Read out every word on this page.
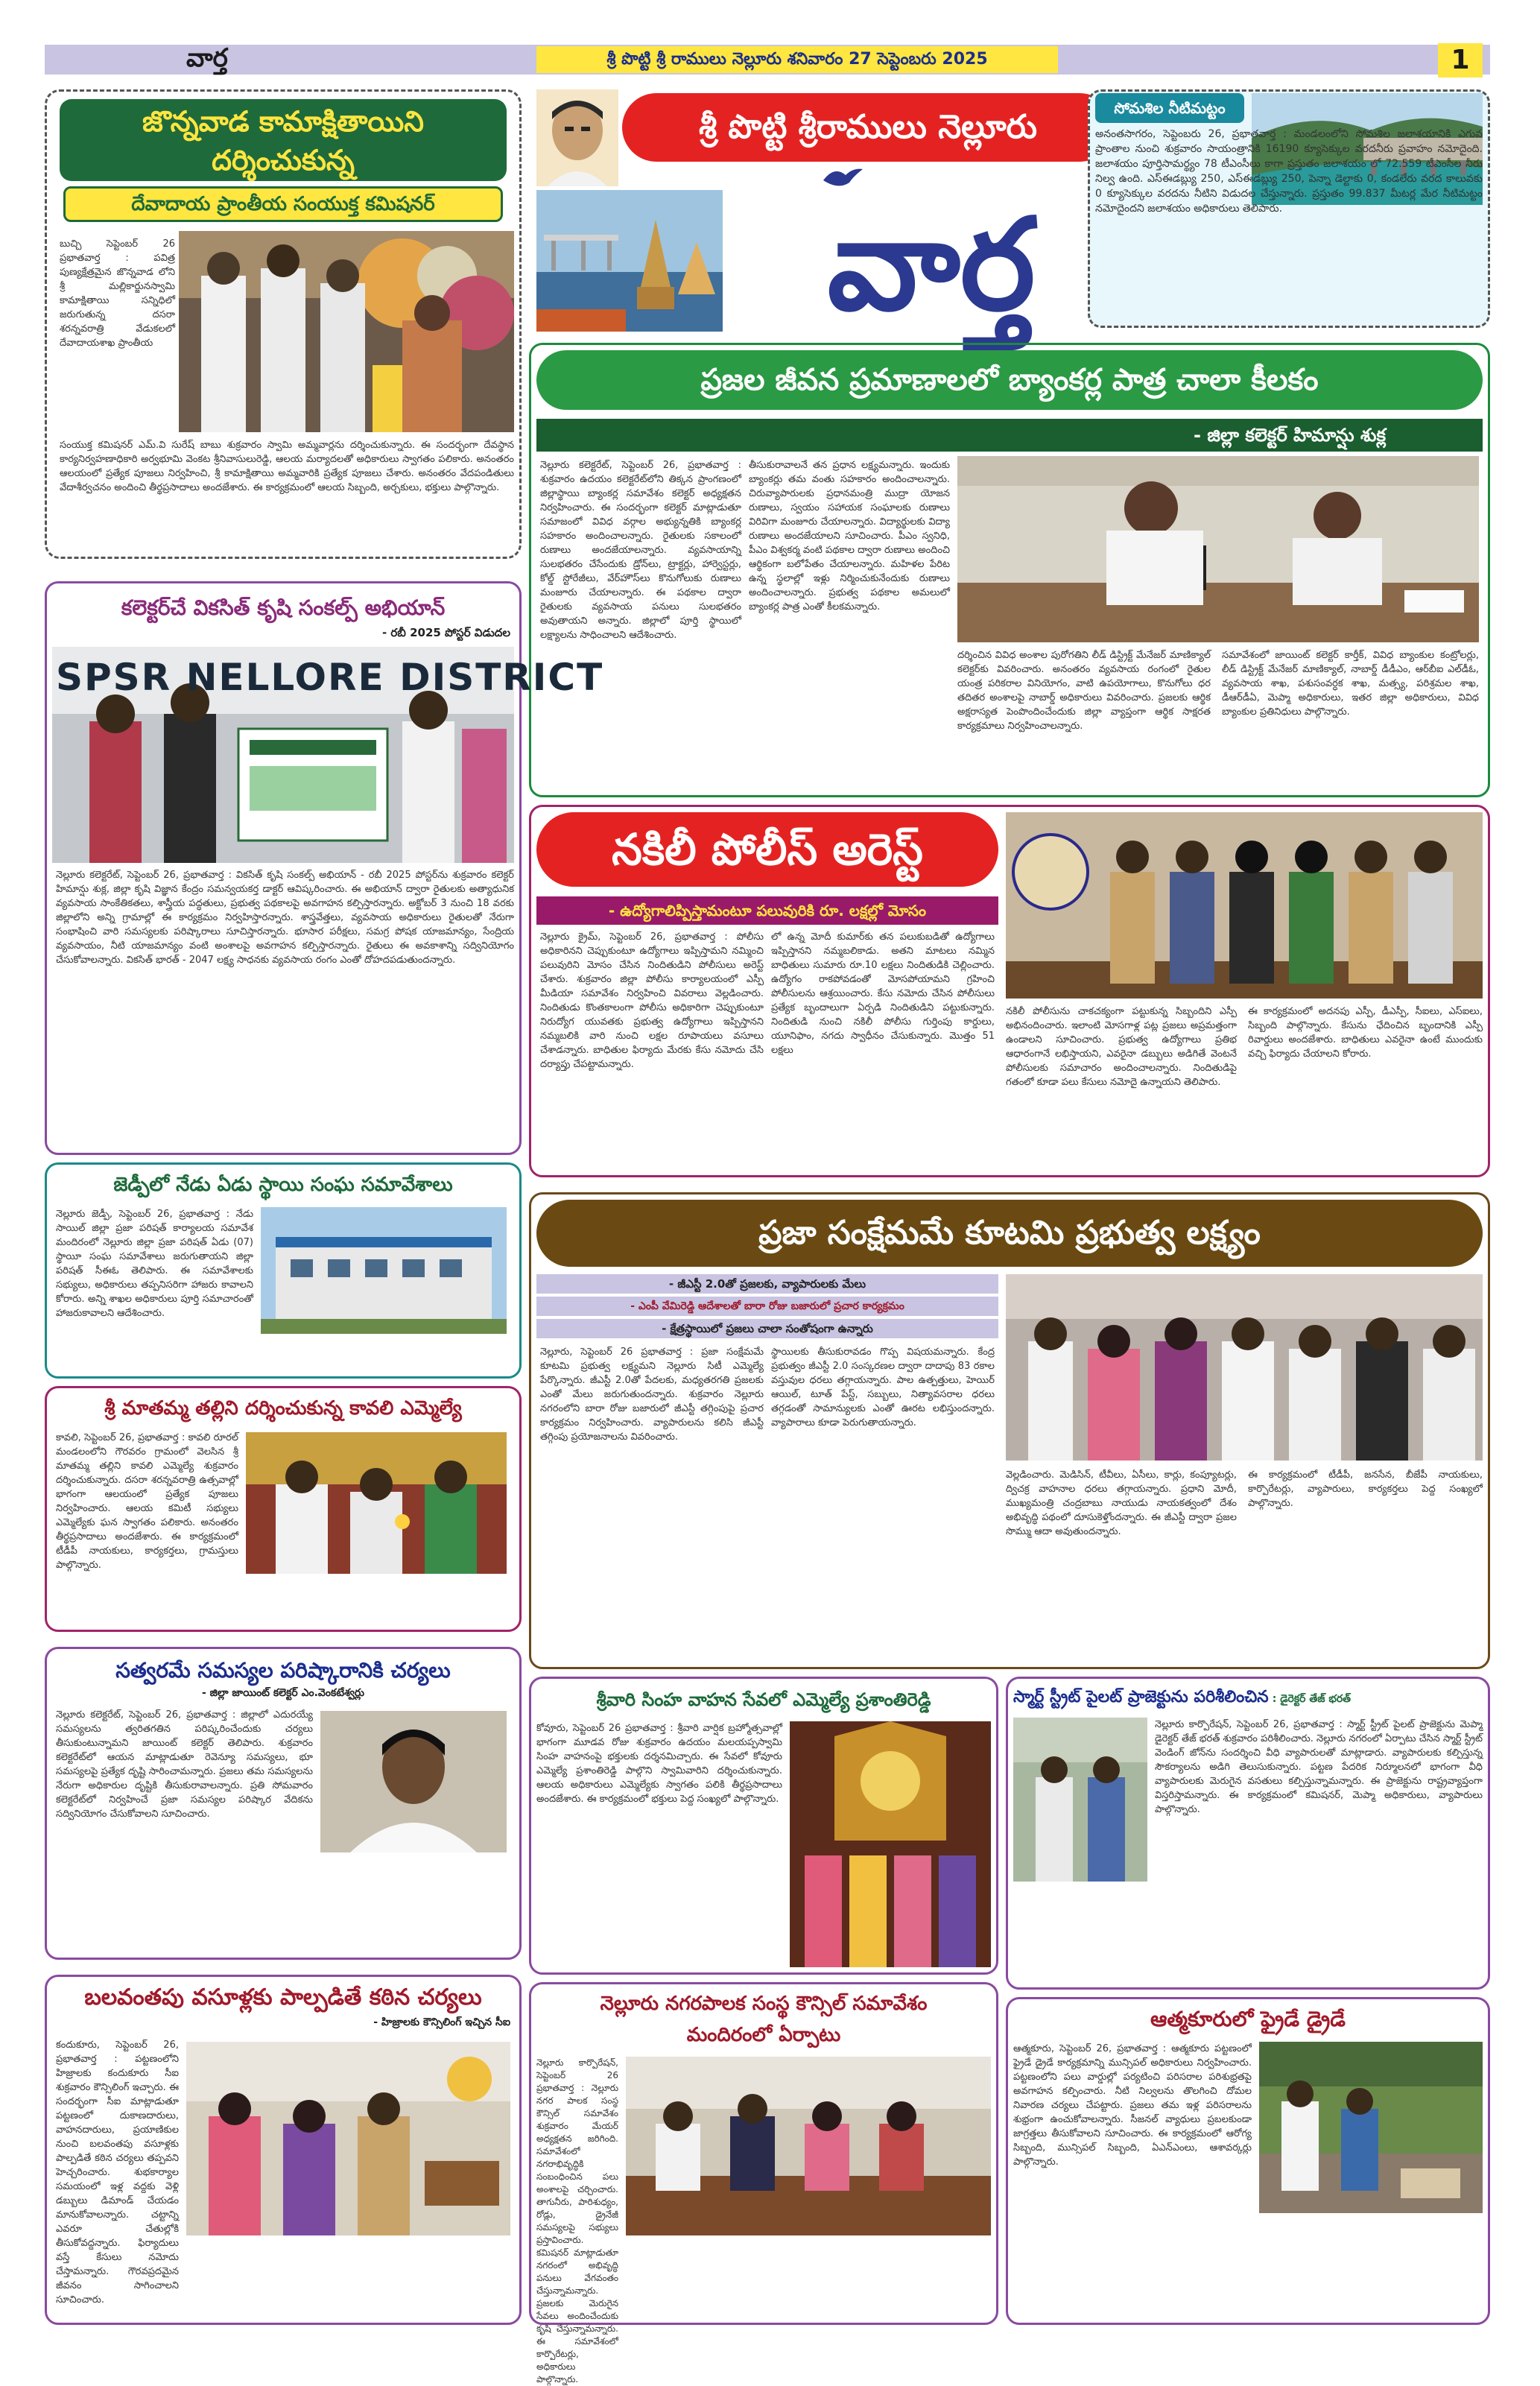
వార్త	శ్రీ పొట్టి శ్రీ రాములు నెల్లూరు శనివారం 27 సెప్టెంబరు 2025	1
జొన్నవాడ కామాక్షితాయిని
దర్శించుకున్న
దేవాదాయ ప్రాంతీయ సంయుక్త కమిషనర్

బుచ్చి సెప్టెంబర్ 26 ప్రభాతవార్త : పవిత్ర పుణ్యక్షేత్రమైన జొన్నవాడ లోని శ్రీ మల్లికార్జునస్వామి కామాక్షితాయి సన్నిధిలో జరుగుతున్న దసరా శరన్నవరాత్రి వేడుకలలో దేవాదాయశాఖ ప్రాంతీయ

సంయుక్త కమిషనర్ ఎమ్.వి సురేష్ బాబు శుక్రవారం స్వామి అమ్మవార్లను దర్శించుకున్నారు. ఈ సందర్భంగా దేవస్థాన కార్యనిర్వహణాధికారి అర్వభూమి వెంకట శ్రీనివాసులురెడ్డి, ఆలయ మర్యాదలతో అధికారులు స్వాగతం పలికారు. అనంతరం ఆలయంలో ప్రత్యేక పూజలు నిర్వహించి, శ్రీ కామాక్షితాయి అమ్మవారికి ప్రత్యేక పూజలు చేశారు. అనంతరం వేదపండితులు వేదాశీర్వచనం అందించి తీర్థప్రసాదాలు అందజేశారు. ఈ కార్యక్రమంలో ఆలయ సిబ్బంది, అర్చకులు, భక్తులు పాల్గొన్నారు.

శ్రీ పొట్టి శ్రీరాములు నెల్లూరు
వార్త
సోమశిల నీటిమట్టం

అనంతసాగరం, సెప్టెంబరు 26, ప్రభాతవార్త : మండలంలోని సోమశిల జలాశయానికి ఎగువ ప్రాంతాల నుంచి శుక్రవారం సాయంత్రానికి 16190 క్యూసెక్కుల వరదనీరు ప్రవాహం నమోదైంది. జలాశయం పూర్తిసామర్థ్యం 78 టీఎంసీలు కాగా ప్రస్తుతం జలాశయం లో 72.559 టీఎంసీల నీరు నిల్వ ఉంది. ఎస్‌ఈడబ్ల్యు 250, ఎస్‌ఈడబ్ల్యు 250, పెన్నా డెల్టాకు 0, కండలేరు వరద కాలువకు 0 క్యూసెక్కుల వరదను నీటిని విడుదల చేస్తున్నారు. ప్రస్తుతం 99.837 మీటర్ల మేర నీటిమట్టం నమోదైందని జలాశయం అధికారులు తెలిపారు.

ప్రజల జీవన ప్రమాణాలలో బ్యాంకర్ల పాత్ర చాలా కీలకం
- జిల్లా కలెక్టర్ హిమాన్షు శుక్ల

నెల్లూరు కలెక్టరేట్, సెప్టెంబర్ 26, ప్రభాతవార్త : శుక్రవారం ఉదయం కలెక్టరేట్‌లోని తిక్కన ప్రాంగణంలో జిల్లాస్థాయి బ్యాంకర్ల సమావేశం కలెక్టర్ అధ్యక్షతన నిర్వహించారు. ఈ సందర్భంగా కలెక్టర్ మాట్లాడుతూ సమాజంలో వివిధ వర్గాల అభ్యున్నతికి బ్యాంకర్ల సహకారం అందించాలన్నారు. రైతులకు సకాలంలో రుణాలు అందజేయాలన్నారు. వ్యవసాయాన్ని సులభతరం చేసేందుకు డ్రోన్‌లు, ట్రాక్టర్లు, హార్వెస్టర్లు, కోల్డ్ స్టోరేజీలు, వేర్‌హౌస్‌లు కొనుగోలుకు రుణాలు మంజూరు చేయాలన్నారు. ఈ పథకాల ద్వారా రైతులకు వ్యవసాయ పనులు సులభతరం అవుతాయని అన్నారు. జిల్లాలో పూర్తి స్థాయిలో లక్ష్యాలను సాధించాలని ఆదేశించారు.

తీసుకురావాలనే తన ప్రధాన లక్ష్యమన్నారు. ఇందుకు బ్యాంకర్లు తమ వంతు సహకారం అందించాలన్నారు. చిరువ్యాపారులకు ప్రధానమంత్రి ముద్రా యోజన రుణాలు, స్వయం సహాయక సంఘాలకు రుణాలు విరివిగా మంజూరు చేయాలన్నారు. విద్యార్థులకు విద్యా రుణాలు అందజేయాలని సూచించారు. పీఎం స్వనిధి, పీఎం విశ్వకర్మ వంటి పథకాల ద్వారా రుణాలు అందించి ఆర్థికంగా బలోపేతం చేయాలన్నారు. మహిళల పేరిట ఉన్న స్థలాల్లో ఇళ్లు నిర్మించుకునేందుకు రుణాలు అందించాలన్నారు. ప్రభుత్వ పథకాల అమలులో బ్యాంకర్ల పాత్ర ఎంతో కీలకమన్నారు.

దర్శించిన వివిధ అంశాల పురోగతిని లీడ్ డిస్ట్రిక్ట్ మేనేజర్ మాణిక్యాల్ కలెక్టర్‌కు వివరించారు. అనంతరం వ్యవసాయ రంగంలో రైతుల యంత్ర పరికరాల వినియోగం, వాటి ఉపయోగాలు, కొనుగోలు ధర తదితర అంశాలపై నాబార్డ్ అధికారులు వివరించారు. ప్రజలకు ఆర్థిక అక్షరాస్యత పెంపొందించేందుకు జిల్లా వ్యాప్తంగా ఆర్థిక సాక్షరత కార్యక్రమాలు నిర్వహించాలన్నారు.

సమావేశంలో జాయింట్ కలెక్టర్ కార్తీక్, వివిధ బ్యాంకుల కంట్రోలర్లు, లీడ్ డిస్ట్రిక్ట్ మేనేజర్ మాణిక్యాల్, నాబార్డ్ డీడీఎం, ఆర్‌బీఐ ఎల్‌డీఓ, వ్యవసాయ శాఖ, పశుసంవర్ధక శాఖ, మత్స్య, పరిశ్రమల శాఖ, డీఆర్‌డీఏ, మెప్మా అధికారులు, ఇతర జిల్లా అధికారులు, వివిధ బ్యాంకుల ప్రతినిధులు పాల్గొన్నారు.

కలెక్టర్‌చే వికసిత్ కృషి సంకల్ప్ అభియాన్
- రబీ 2025 పోస్టర్ విడుదల
SPSR NELLORE DISTRICT

నెల్లూరు కలెక్టరేట్, సెప్టెంబర్ 26, ప్రభాతవార్త : వికసిత్ కృషి సంకల్ప్ అభియాన్ - రబీ 2025 పోస్టర్‌ను శుక్రవారం కలెక్టర్ హిమాన్షు శుక్ల, జిల్లా కృషి విజ్ఞాన కేంద్రం సమన్వయకర్త డాక్టర్ ఆవిష్కరించారు. ఈ అభియాన్ ద్వారా రైతులకు అత్యాధునిక వ్యవసాయ సాంకేతికతలు, శాస్త్రీయ పద్ధతులు, ప్రభుత్వ పథకాలపై అవగాహన కల్పిస్తారన్నారు. అక్టోబర్ 3 నుంచి 18 వరకు జిల్లాలోని అన్ని గ్రామాల్లో ఈ కార్యక్రమం నిర్వహిస్తారన్నారు. శాస్త్రవేత్తలు, వ్యవసాయ అధికారులు రైతులతో నేరుగా సంభాషించి వారి సమస్యలకు పరిష్కారాలు సూచిస్తారన్నారు. భూసార పరీక్షలు, సమగ్ర పోషక యాజమాన్యం, సేంద్రియ వ్యవసాయం, నీటి యాజమాన్యం వంటి అంశాలపై అవగాహన కల్పిస్తారన్నారు. రైతులు ఈ అవకాశాన్ని సద్వినియోగం చేసుకోవాలన్నారు. వికసిత్ భారత్ - 2047 లక్ష్య సాధనకు వ్యవసాయ రంగం ఎంతో దోహదపడుతుందన్నారు.

నకిలీ పోలీస్ అరెస్ట్
- ఉద్యోగాలిప్పిస్తామంటూ పలువురికి రూ. లక్షల్లో మోసం

నెల్లూరు క్రైమ్, సెప్టెంబర్ 26, ప్రభాతవార్త : పోలీసు అధికారినని చెప్పుకుంటూ ఉద్యోగాలు ఇప్పిస్తామని నమ్మించి పలువురిని మోసం చేసిన నిందితుడిని పోలీసులు అరెస్ట్ చేశారు. శుక్రవారం జిల్లా పోలీసు కార్యాలయంలో ఎస్పీ మీడియా సమావేశం నిర్వహించి వివరాలు వెల్లడించారు. నిందితుడు కొంతకాలంగా పోలీసు అధికారిగా చెప్పుకుంటూ నిరుద్యోగ యువతకు ప్రభుత్వ ఉద్యోగాలు ఇప్పిస్తానని నమ్మబలికి వారి నుంచి లక్షల రూపాయలు వసూలు చేశాడన్నారు. బాధితుల ఫిర్యాదు మేరకు కేసు నమోదు చేసి దర్యాప్తు చేపట్టామన్నారు.

లో ఉన్న మోదీ కుమార్‌కు తన పలుకుబడితో ఉద్యోగాలు ఇప్పిస్తానని నమ్మబలికాడు. అతని మాటలు నమ్మిన బాధితులు సుమారు రూ.10 లక్షలు నిందితుడికి చెల్లించారు. ఉద్యోగం రాకపోవడంతో మోసపోయామని గ్రహించి పోలీసులను ఆశ్రయించారు. కేసు నమోదు చేసిన పోలీసులు ప్రత్యేక బృందాలుగా ఏర్పడి నిందితుడిని పట్టుకున్నారు. నిందితుడి నుంచి నకిలీ పోలీసు గుర్తింపు కార్డులు, యూనిఫాం, నగదు స్వాధీనం చేసుకున్నారు. మొత్తం 51 లక్షలు

నకిలీ పోలీసును చాకచక్యంగా పట్టుకున్న సిబ్బందిని ఎస్పీ అభినందించారు. ఇలాంటి మోసగాళ్ల పట్ల ప్రజలు అప్రమత్తంగా ఉండాలని సూచించారు. ప్రభుత్వ ఉద్యోగాలు ప్రతిభ ఆధారంగానే లభిస్తాయని, ఎవరైనా డబ్బులు అడిగితే వెంటనే పోలీసులకు సమాచారం అందించాలన్నారు. నిందితుడిపై గతంలో కూడా పలు కేసులు నమోదై ఉన్నాయని తెలిపారు.

ఈ కార్యక్రమంలో అదనపు ఎస్పీ, డీఎస్పీ, సీఐలు, ఎస్‌ఐలు, సిబ్బంది పాల్గొన్నారు. కేసును ఛేదించిన బృందానికి ఎస్పీ రివార్డులు అందజేశారు. బాధితులు ఎవరైనా ఉంటే ముందుకు వచ్చి ఫిర్యాదు చేయాలని కోరారు.

జెడ్పీలో నేడు ఏడు స్థాయి సంఘ సమావేశాలు

నెల్లూరు జెడ్పీ, సెప్టెంబర్ 26, ప్రభాతవార్త : నేడు సాయిల్ జిల్లా ప్రజా పరిషత్ కార్యాలయ సమావేశ మందిరంలో నెల్లూరు జిల్లా ప్రజా పరిషత్ ఏడు (07) స్థాయీ సంఘ సమావేశాలు జరుగుతాయని జిల్లా పరిషత్ సీఈఓ తెలిపారు. ఈ సమావేశాలకు సభ్యులు, అధికారులు తప్పనిసరిగా హాజరు కావాలని కోరారు. అన్ని శాఖల అధికారులు పూర్తి సమాచారంతో హాజరుకావాలని ఆదేశించారు.

శ్రీ మాతమ్మ తల్లిని దర్శించుకున్న కావలి ఎమ్మెల్యే

కావలి, సెప్టెంబర్ 26, ప్రభాతవార్త : కావలి రూరల్ మండలంలోని గౌరవరం గ్రామంలో వెలసిన శ్రీ మాతమ్మ తల్లిని కావలి ఎమ్మెల్యే శుక్రవారం దర్శించుకున్నారు. దసరా శరన్నవరాత్రి ఉత్సవాల్లో భాగంగా ఆలయంలో ప్రత్యేక పూజలు నిర్వహించారు. ఆలయ కమిటీ సభ్యులు ఎమ్మెల్యేకు ఘన స్వాగతం పలికారు. అనంతరం తీర్థప్రసాదాలు అందజేశారు. ఈ కార్యక్రమంలో టీడీపీ నాయకులు, కార్యకర్తలు, గ్రామస్తులు పాల్గొన్నారు.

ప్రజా సంక్షేమమే కూటమి ప్రభుత్వ లక్ష్యం
- జీఎస్టీ 2.0తో ప్రజలకు, వ్యాపారులకు మేలు
- ఎంపీ వేమిరెడ్డి ఆదేశాలతో బారా రోజు బజారులో ప్రచార కార్యక్రమం
- క్షేత్రస్థాయిలో ప్రజలు చాలా సంతోషంగా ఉన్నారు

నెల్లూరు, సెప్టెంబర్ 26 ప్రభాతవార్త : ప్రజా సంక్షేమమే కూటమి ప్రభుత్వ లక్ష్యమని నెల్లూరు సిటీ ఎమ్మెల్యే పేర్కొన్నారు. జీఎస్టీ 2.0తో పేదలకు, మధ్యతరగతి ప్రజలకు ఎంతో మేలు జరుగుతుందన్నారు. శుక్రవారం నెల్లూరు నగరంలోని బారా రోజు బజారులో జీఎస్టీ తగ్గింపుపై ప్రచార కార్యక్రమం నిర్వహించారు. వ్యాపారులను కలిసి జీఎస్టీ తగ్గింపు ప్రయోజనాలను వివరించారు.

స్థాయిలకు తీసుకురావడం గొప్ప విషయమన్నారు. కేంద్ర ప్రభుత్వం జీఎస్టీ 2.0 సంస్కరణల ద్వారా దాదాపు 83 రకాల వస్తువుల ధరలు తగ్గాయన్నారు. పాల ఉత్పత్తులు, హెయిర్ ఆయిల్, టూత్ పేస్ట్, సబ్బులు, నిత్యావసరాల ధరలు తగ్గడంతో సామాన్యులకు ఎంతో ఊరట లభిస్తుందన్నారు. వ్యాపారాలు కూడా పెరుగుతాయన్నారు.

వెల్లడించారు. మెడిసిన్, టీవీలు, ఏసీలు, కార్లు, కంప్యూటర్లు, ద్విచక్ర వాహనాల ధరలు తగ్గాయన్నారు. ప్రధాని మోదీ, ముఖ్యమంత్రి చంద్రబాబు నాయుడు నాయకత్వంలో దేశం అభివృద్ధి పథంలో దూసుకెళ్తోందన్నారు. ఈ జీఎస్టీ ద్వారా ప్రజల సొమ్ము ఆదా అవుతుందన్నారు.

ఈ కార్యక్రమంలో టీడీపీ, జనసేన, బీజేపీ నాయకులు, కార్పొరేటర్లు, వ్యాపారులు, కార్యకర్తలు పెద్ద సంఖ్యలో పాల్గొన్నారు.

సత్వరమే సమస్యల పరిష్కారానికి చర్యలు
- జిల్లా జాయింట్ కలెక్టర్ ఎం.వెంకటేశ్వర్లు

నెల్లూరు కలెక్టరేట్, సెప్టెంబర్ 26, ప్రభాతవార్త : జిల్లాలో ఎదురయ్యే సమస్యలను త్వరితగతిన పరిష్కరించేందుకు చర్యలు తీసుకుంటున్నామని జాయింట్ కలెక్టర్ తెలిపారు. శుక్రవారం కలెక్టరేట్‌లో ఆయన మాట్లాడుతూ రెవెన్యూ సమస్యలు, భూ సమస్యలపై ప్రత్యేక దృష్టి సారించామన్నారు. ప్రజలు తమ సమస్యలను నేరుగా అధికారుల దృష్టికి తీసుకురావాలన్నారు. ప్రతి సోమవారం కలెక్టరేట్‌లో నిర్వహించే ప్రజా సమస్యల పరిష్కార వేదికను సద్వినియోగం చేసుకోవాలని సూచించారు.

బలవంతపు వసూళ్లకు పాల్పడితే కఠిన చర్యలు
- హిజ్రాలకు కౌన్సిలింగ్ ఇచ్చిన సీఐ

కందుకూరు, సెప్టెంబర్ 26, ప్రభాతవార్త : పట్టణంలోని హిజ్రాలకు కందుకూరు సీఐ శుక్రవారం కౌన్సిలింగ్ ఇచ్చారు. ఈ సందర్భంగా సీఐ మాట్లాడుతూ పట్టణంలో దుకాణదారులు, వాహనదారులు, ప్రయాణికుల నుంచి బలవంతపు వసూళ్లకు పాల్పడితే కఠిన చర్యలు తప్పవని హెచ్చరించారు. శుభకార్యాల సమయంలో ఇళ్ల వద్దకు వెళ్లి డబ్బులు డిమాండ్ చేయడం మానుకోవాలన్నారు. చట్టాన్ని ఎవరూ చేతుల్లోకి తీసుకోవద్దన్నారు. ఫిర్యాదులు వస్తే కేసులు నమోదు చేస్తామన్నారు. గౌరవప్రదమైన జీవనం సాగించాలని సూచించారు.

శ్రీవారి సింహ వాహన సేవలో ఎమ్మెల్యే ప్రశాంతిరెడ్డి

కోవూరు, సెప్టెంబర్ 26 ప్రభాతవార్త : శ్రీవారి వార్షిక బ్రహ్మోత్సవాల్లో భాగంగా మూడవ రోజు శుక్రవారం ఉదయం మలయప్పస్వామి సింహ వాహనంపై భక్తులకు దర్శనమిచ్చారు. ఈ సేవలో కోవూరు ఎమ్మెల్యే ప్రశాంతిరెడ్డి పాల్గొని స్వామివారిని దర్శించుకున్నారు. ఆలయ అధికారులు ఎమ్మెల్యేకు స్వాగతం పలికి తీర్థప్రసాదాలు అందజేశారు. ఈ కార్యక్రమంలో భక్తులు పెద్ద సంఖ్యలో పాల్గొన్నారు.

నెల్లూరు నగరపాలక సంస్థ కౌన్సిల్ సమావేశం
మందిరంలో ఏర్పాటు

నెల్లూరు కార్పొరేషన్, సెప్టెంబర్ 26 ప్రభాతవార్త : నెల్లూరు నగర పాలక సంస్థ కౌన్సిల్ సమావేశం శుక్రవారం మేయర్ అధ్యక్షతన జరిగింది. సమావేశంలో నగరాభివృద్ధికి సంబంధించిన పలు అంశాలపై చర్చించారు. తాగునీరు, పారిశుధ్యం, రోడ్లు, డ్రైనేజీ సమస్యలపై సభ్యులు ప్రస్తావించారు. కమిషనర్ మాట్లాడుతూ నగరంలో అభివృద్ధి పనులు వేగవంతం చేస్తున్నామన్నారు. ప్రజలకు మెరుగైన సేవలు అందించేందుకు కృషి చేస్తున్నామన్నారు. ఈ సమావేశంలో కార్పొరేటర్లు, అధికారులు పాల్గొన్నారు.

స్మార్ట్ స్ట్రీట్ పైలట్ ప్రాజెక్టును పరిశీలించిన : డైరెక్టర్ తేజ్ భరత్

నెల్లూరు కార్పొరేషన్, సెప్టెంబర్ 26, ప్రభాతవార్త : స్మార్ట్ స్ట్రీట్ పైలట్ ప్రాజెక్టును మెప్మా డైరెక్టర్ తేజ్ భరత్ శుక్రవారం పరిశీలించారు. నెల్లూరు నగరంలో ఏర్పాటు చేసిన స్మార్ట్ స్ట్రీట్ వెండింగ్ జోన్‌ను సందర్శించి వీధి వ్యాపారులతో మాట్లాడారు. వ్యాపారులకు కల్పిస్తున్న సౌకర్యాలను అడిగి తెలుసుకున్నారు. పట్టణ పేదరిక నిర్మూలనలో భాగంగా వీధి వ్యాపారులకు మెరుగైన వసతులు కల్పిస్తున్నామన్నారు. ఈ ప్రాజెక్టును రాష్ట్రవ్యాప్తంగా విస్తరిస్తామన్నారు. ఈ కార్యక్రమంలో కమిషనర్, మెప్మా అధికారులు, వ్యాపారులు పాల్గొన్నారు.

ఆత్మకూరులో ఫ్రైడే డ్రైడే

ఆత్మకూరు, సెప్టెంబర్ 26, ప్రభాతవార్త : ఆత్మకూరు పట్టణంలో ఫ్రైడే డ్రైడే కార్యక్రమాన్ని మున్సిపల్ అధికారులు నిర్వహించారు. పట్టణంలోని పలు వార్డుల్లో పర్యటించి పరిసరాల పరిశుభ్రతపై అవగాహన కల్పించారు. నీటి నిల్వలను తొలగించి దోమల నివారణ చర్యలు చేపట్టారు. ప్రజలు తమ ఇళ్ల పరిసరాలను శుభ్రంగా ఉంచుకోవాలన్నారు. సీజనల్ వ్యాధులు ప్రబలకుండా జాగ్రత్తలు తీసుకోవాలని సూచించారు. ఈ కార్యక్రమంలో ఆరోగ్య సిబ్బంది, మున్సిపల్ సిబ్బంది, ఏఎన్ఎంలు, ఆశావర్కర్లు పాల్గొన్నారు.
